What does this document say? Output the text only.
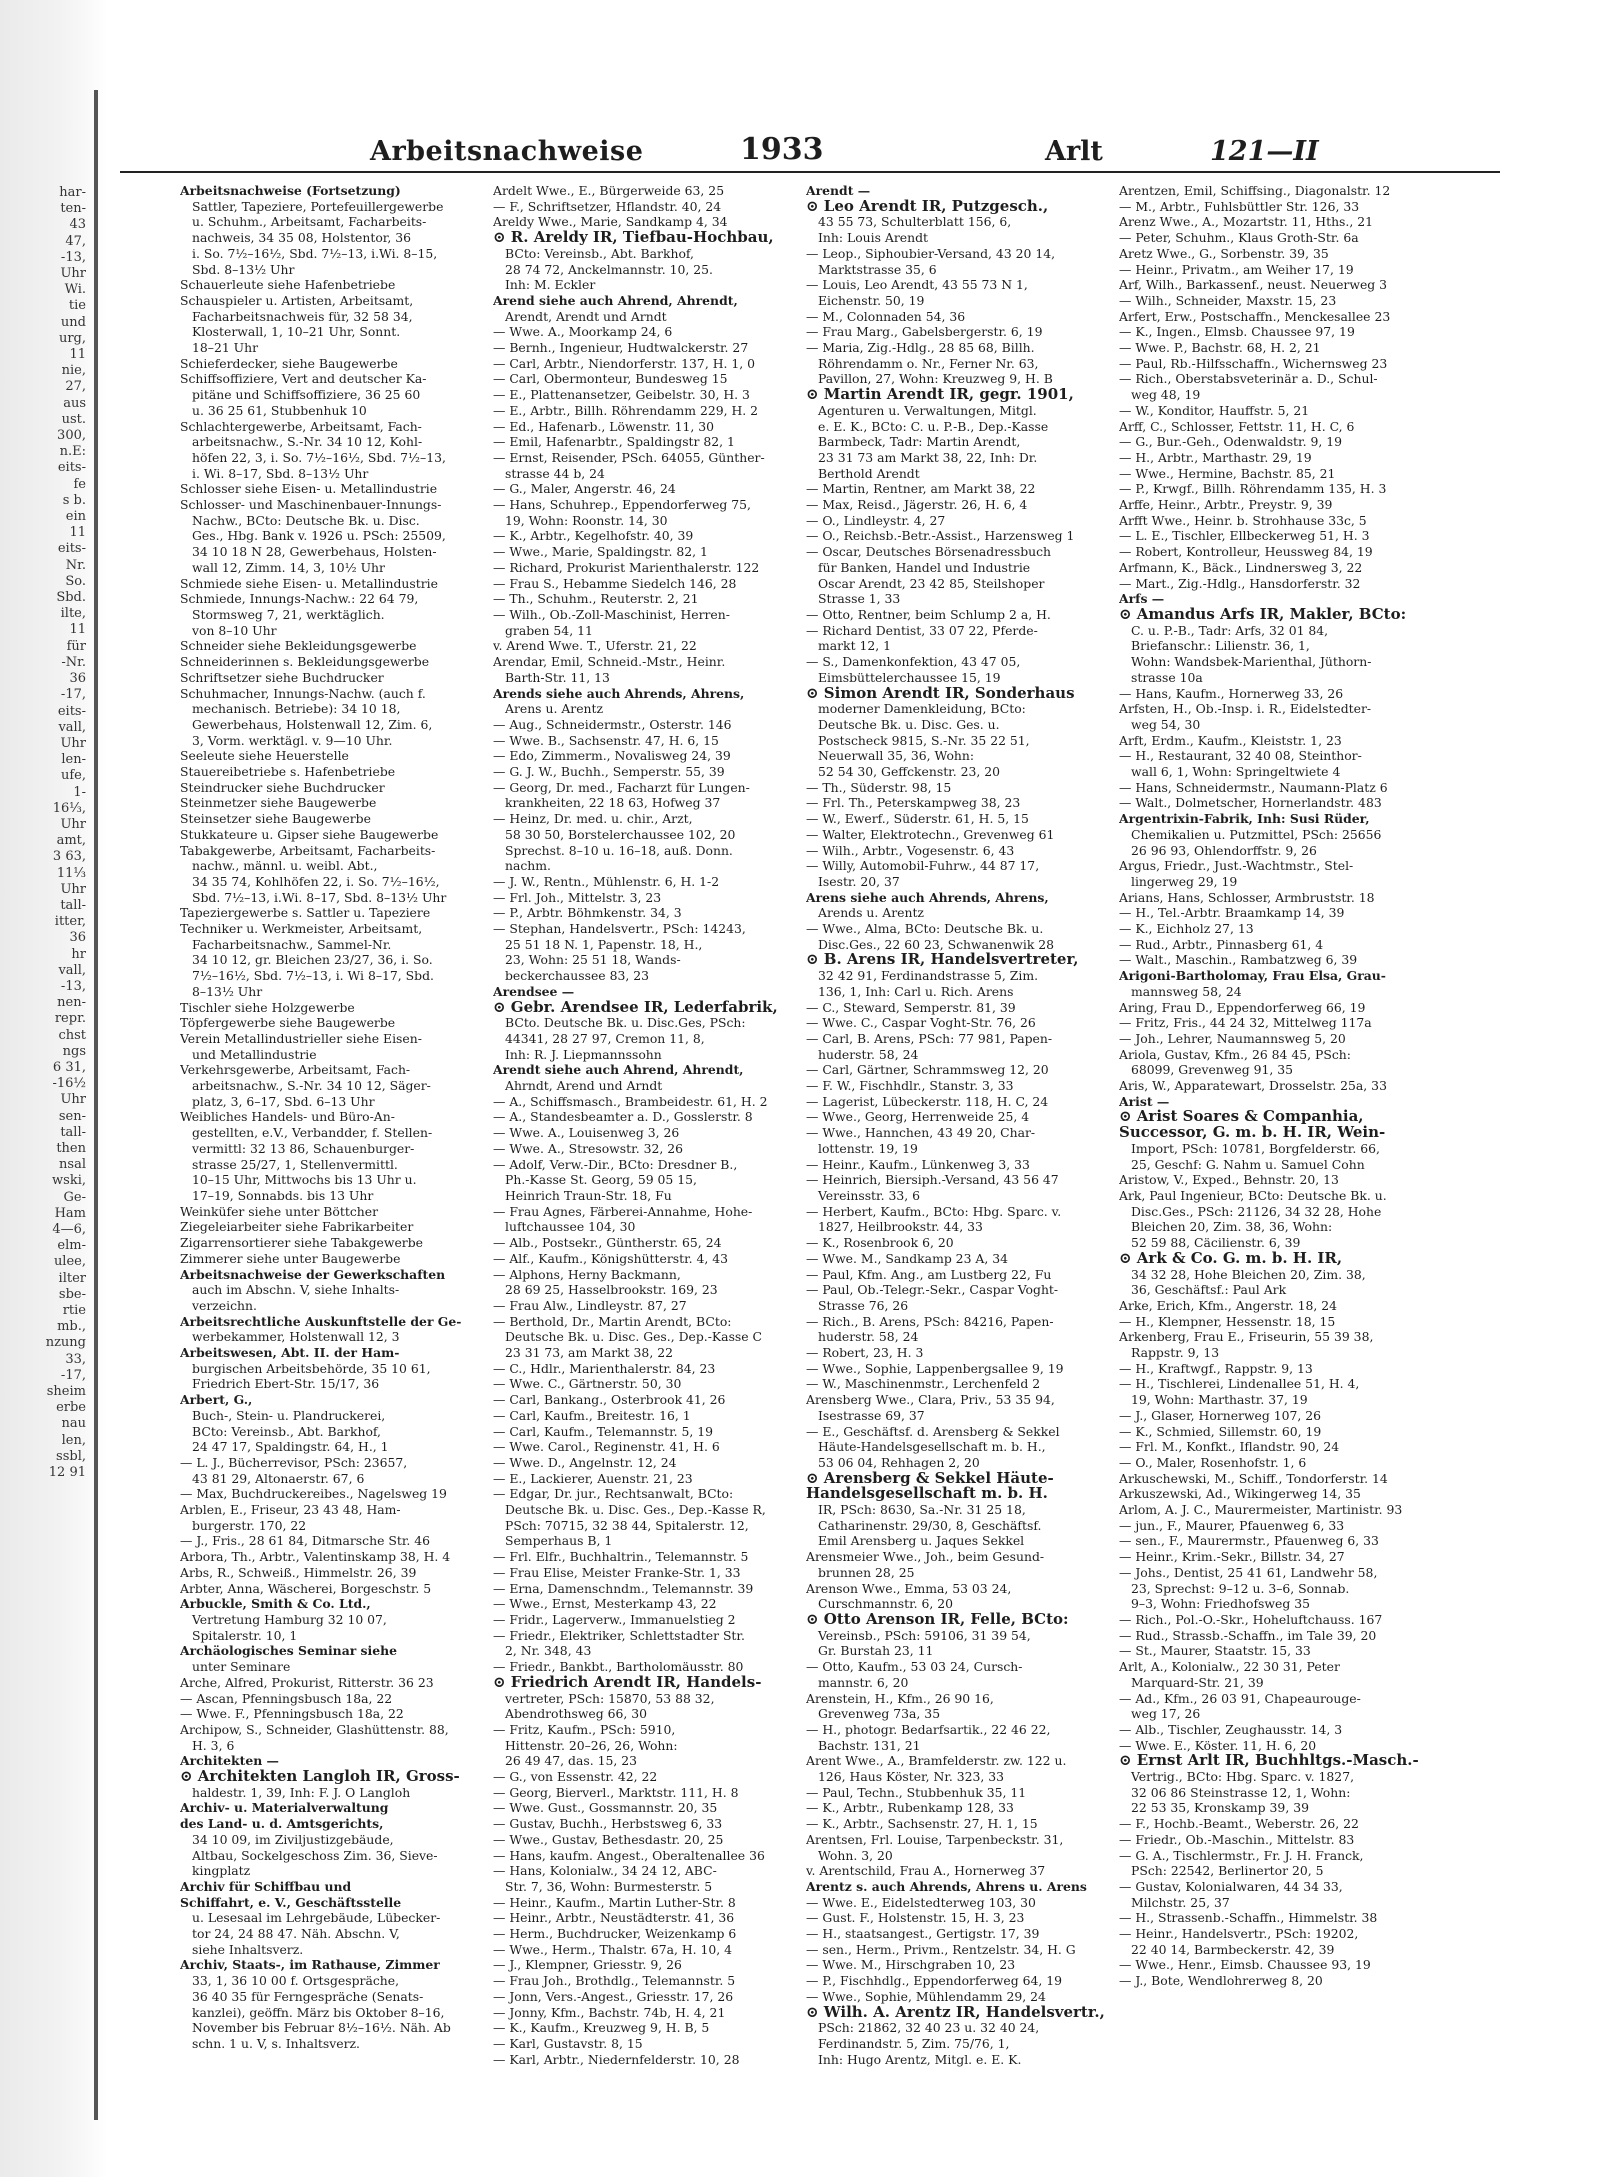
har-
ten-
43
47,
-13,
Uhr
Wi.
tie
und
urg,
11
nie,
27,
aus
ust.
300,
n.E:
eits-
fe
s b.
ein
11
eits-
Nr.
So.
Sbd.
ilte,
11
für
-Nr.
36
-17,
eits-
vall,
Uhr
len-
ufe,
1-
16⅓,
Uhr
amt,
3 63,
11⅓
Uhr
tall-
itter,
36
hr
vall,
-13,
nen-
repr.
chst
ngs
6 31,
-16½
Uhr
sen-
tall-
then
nsal
wski,
Ge-
Ham
4—6,
elm-
ulee,
ilter
sbe-
rtie
mb.,
nzung
33,
-17,
sheim
erbe
nau
len,
ssbl,
12 91
Arbeitsnachweise	1933	Arlt	121—II
Arbeitsnachweise (Fortsetzung)
Sattler, Tapeziere, Portefeuillergewerbe
u. Schuhm., Arbeitsamt, Facharbeits-
nachweis, 34 35 08, Holstentor, 36
i. So. 7½–16½, Sbd. 7½–13, i.Wi. 8–15,
Sbd. 8–13½ Uhr
Schauerleute siehe Hafenbetriebe
Schauspieler u. Artisten, Arbeitsamt,
Facharbeitsnachweis für, 32 58 34,
Klosterwall, 1, 10–21 Uhr, Sonnt.
18–21 Uhr
Schieferdecker, siehe Baugewerbe
Schiffsoffiziere, Vert and deutscher Ka-
pitäne und Schiffsoffiziere, 36 25 60
u. 36 25 61, Stubbenhuk 10
Schlachtergewerbe, Arbeitsamt, Fach-
arbeitsnachw., S.-Nr. 34 10 12, Kohl-
höfen 22, 3, i. So. 7½–16½, Sbd. 7½–13,
i. Wi. 8–17, Sbd. 8–13½ Uhr
Schlosser siehe Eisen- u. Metallindustrie
Schlosser- und Maschinenbauer-Innungs-
Nachw., BCto: Deutsche Bk. u. Disc.
Ges., Hbg. Bank v. 1926 u. PSch: 25509,
34 10 18 N 28, Gewerbehaus, Holsten-
wall 12, Zimm. 14, 3, 10½ Uhr
Schmiede siehe Eisen- u. Metallindustrie
Schmiede, Innungs-Nachw.: 22 64 79,
Stormsweg 7, 21, werktäglich.
von 8–10 Uhr
Schneider siehe Bekleidungsgewerbe
Schneiderinnen s. Bekleidungsgewerbe
Schriftsetzer siehe Buchdrucker
Schuhmacher, Innungs-Nachw. (auch f.
mechanisch. Betriebe): 34 10 18,
Gewerbehaus, Holstenwall 12, Zim. 6,
3, Vorm. werktägl. v. 9—10 Uhr.
Seeleute siehe Heuerstelle
Stauereibetriebe s. Hafenbetriebe
Steindrucker siehe Buchdrucker
Steinmetzer siehe Baugewerbe
Steinsetzer siehe Baugewerbe
Stukkateure u. Gipser siehe Baugewerbe
Tabakgewerbe, Arbeitsamt, Facharbeits-
nachw., männl. u. weibl. Abt.,
34 35 74, Kohlhöfen 22, i. So. 7½–16½,
Sbd. 7½–13, i.Wi. 8–17, Sbd. 8–13½ Uhr
Tapeziergewerbe s. Sattler u. Tapeziere
Techniker u. Werkmeister, Arbeitsamt,
Facharbeitsnachw., Sammel-Nr.
34 10 12, gr. Bleichen 23/27, 36, i. So.
7½–16½, Sbd. 7½–13, i. Wi 8–17, Sbd.
8–13½ Uhr
Tischler siehe Holzgewerbe
Töpfergewerbe siehe Baugewerbe
Verein Metallindustrieller siehe Eisen-
und Metallindustrie
Verkehrsgewerbe, Arbeitsamt, Fach-
arbeitsnachw., S.-Nr. 34 10 12, Säger-
platz, 3, 6–17, Sbd. 6–13 Uhr
Weibliches Handels- und Büro-An-
gestellten, e.V., Verbandder, f. Stellen-
vermittl: 32 13 86, Schauenburger-
strasse 25/27, 1, Stellenvermittl.
10–15 Uhr, Mittwochs bis 13 Uhr u.
17–19, Sonnabds. bis 13 Uhr
Weinküfer siehe unter Böttcher
Ziegeleiarbeiter siehe Fabrikarbeiter
Zigarrensortierer siehe Tabakgewerbe
Zimmerer siehe unter Baugewerbe
Arbeitsnachweise der Gewerkschaften
auch im Abschn. V, siehe Inhalts-
verzeichn.
Arbeitsrechtliche Auskunftstelle der Ge-
werbekammer, Holstenwall 12, 3
Arbeitswesen, Abt. II. der Ham-
burgischen Arbeitsbehörde, 35 10 61,
Friedrich Ebert-Str. 15/17, 36
Arbert, G.,
Buch-, Stein- u. Plandruckerei,
BCto: Vereinsb., Abt. Barkhof,
24 47 17, Spaldingstr. 64, H., 1
— L. J., Bücherrevisor, PSch: 23657,
43 81 29, Altonaerstr. 67, 6
— Max, Buchdruckereibes., Nagelsweg 19
Arblen, E., Friseur, 23 43 48, Ham-
burgerstr. 170, 22
— J., Fris., 28 61 84, Ditmarsche Str. 46
Arbora, Th., Arbtr., Valentinskamp 38, H. 4
Arbs, R., Schweiß., Himmelstr. 26, 39
Arbter, Anna, Wäscherei, Borgeschstr. 5
Arbuckle, Smith & Co. Ltd.,
Vertretung Hamburg 32 10 07,
Spitalerstr. 10, 1
Archäologisches Seminar siehe
unter Seminare
Arche, Alfred, Prokurist, Ritterstr. 36 23
— Ascan, Pfenningsbusch 18a, 22
— Wwe. F., Pfenningsbusch 18a, 22
Archipow, S., Schneider, Glashüttenstr. 88,
H. 3, 6
Architekten —
⊙ Architekten Langloh IR, Gross-
haldestr. 1, 39, Inh: F. J. O Langloh
Archiv- u. Materialverwaltung
des Land- u. d. Amtsgerichts,
34 10 09, im Ziviljustizgebäude,
Altbau, Sockelgeschoss Zim. 36, Sieve-
kingplatz
Archiv für Schiffbau und
Schiffahrt, e. V., Geschäftsstelle
u. Lesesaal im Lehrgebäude, Lübecker-
tor 24, 24 88 47. Näh. Abschn. V,
siehe Inhaltsverz.
Archiv, Staats-, im Rathause, Zimmer
33, 1, 36 10 00 f. Ortsgespräche,
36 40 35 für Ferngespräche (Senats-
kanzlei), geöffn. März bis Oktober 8–16,
November bis Februar 8½–16½. Näh. Ab
schn. 1 u. V, s. Inhaltsverz.
Ardelt Wwe., E., Bürgerweide 63, 25
— F., Schriftsetzer, Hflandstr. 40, 24
Areldy Wwe., Marie, Sandkamp 4, 34
⊙ R. Areldy IR, Tiefbau-Hochbau,
BCto: Vereinsb., Abt. Barkhof,
28 74 72, Anckelmannstr. 10, 25.
Inh: M. Eckler
Arend siehe auch Ahrend, Ahrendt,
Arendt, Arendt und Arndt
— Wwe. A., Moorkamp 24, 6
— Bernh., Ingenieur, Hudtwalckerstr. 27
— Carl, Arbtr., Niendorferstr. 137, H. 1, 0
— Carl, Obermonteur, Bundesweg 15
— E., Plattenansetzer, Geibelstr. 30, H. 3
— E., Arbtr., Billh. Röhrendamm 229, H. 2
— Ed., Hafenarb., Löwenstr. 11, 30
— Emil, Hafenarbtr., Spaldingstr 82, 1
— Ernst, Reisender, PSch. 64055, Günther-
strasse 44 b, 24
— G., Maler, Angerstr. 46, 24
— Hans, Schuhrep., Eppendorferweg 75,
19, Wohn: Roonstr. 14, 30
— K., Arbtr., Kegelhofstr. 40, 39
— Wwe., Marie, Spaldingstr. 82, 1
— Richard, Prokurist Marienthalerstr. 122
— Frau S., Hebamme Siedelch 146, 28
— Th., Schuhm., Reuterstr. 2, 21
— Wilh., Ob.-Zoll-Maschinist, Herren-
graben 54, 11
v. Arend Wwe. T., Uferstr. 21, 22
Arendar, Emil, Schneid.-Mstr., Heinr.
Barth-Str. 11, 13
Arends siehe auch Ahrends, Ahrens,
Arens u. Arentz
— Aug., Schneidermstr., Osterstr. 146
— Wwe. B., Sachsenstr. 47, H. 6, 15
— Edo, Zimmerm., Novalisweg 24, 39
— G. J. W., Buchh., Semperstr. 55, 39
— Georg, Dr. med., Facharzt für Lungen-
krankheiten, 22 18 63, Hofweg 37
— Heinz, Dr. med. u. chir., Arzt,
58 30 50, Borstelerchaussee 102, 20
Sprechst. 8–10 u. 16–18, auß. Donn.
nachm.
— J. W., Rentn., Mühlenstr. 6, H. 1-2
— Frl. Joh., Mittelstr. 3, 23
— P., Arbtr. Böhmkenstr. 34, 3
— Stephan, Handelsvertr., PSch: 14243,
25 51 18 N. 1, Papenstr. 18, H.,
23, Wohn: 25 51 18, Wands-
beckerchaussee 83, 23
Arendsee —
⊙ Gebr. Arendsee IR, Lederfabrik,
BCto. Deutsche Bk. u. Disc.Ges, PSch:
44341, 28 27 97, Cremon 11, 8,
Inh: R. J. Liepmannssohn
Arendt siehe auch Ahrend, Ahrendt,
Ahrndt, Arend und Arndt
— A., Schiffsmasch., Brambeidestr. 61, H. 2
— A., Standesbeamter a. D., Gosslerstr. 8
— Wwe. A., Louisenweg 3, 26
— Wwe. A., Stresowstr. 32, 26
— Adolf, Verw.-Dir., BCto: Dresdner B.,
Ph.-Kasse St. Georg, 59 05 15,
Heinrich Traun-Str. 18, Fu
— Frau Agnes, Färberei-Annahme, Hohe-
luftchaussee 104, 30
— Alb., Postsekr., Güntherstr. 65, 24
— Alf., Kaufm., Königshütterstr. 4, 43
— Alphons, Herny Backmann,
28 69 25, Hasselbrookstr. 169, 23
— Frau Alw., Lindleystr. 87, 27
— Berthold, Dr., Martin Arendt, BCto:
Deutsche Bk. u. Disc. Ges., Dep.-Kasse C
23 31 73, am Markt 38, 22
— C., Hdlr., Marienthalerstr. 84, 23
— Wwe. C., Gärtnerstr. 50, 30
— Carl, Bankang., Osterbrook 41, 26
— Carl, Kaufm., Breitestr. 16, 1
— Carl, Kaufm., Telemannstr. 5, 19
— Wwe. Carol., Reginenstr. 41, H. 6
— Wwe. D., Angelnstr. 12, 24
— E., Lackierer, Auenstr. 21, 23
— Edgar, Dr. jur., Rechtsanwalt, BCto:
Deutsche Bk. u. Disc. Ges., Dep.-Kasse R,
PSch: 70715, 32 38 44, Spitalerstr. 12,
Semperhaus B, 1
— Frl. Elfr., Buchhaltrin., Telemannstr. 5
— Frau Elise, Meister Franke-Str. 1, 33
— Erna, Damenschndm., Telemannstr. 39
— Wwe., Ernst, Mesterkamp 43, 22
— Fridr., Lagerverw., Immanuelstieg 2
— Friedr., Elektriker, Schlettstadter Str.
2, Nr. 348, 43
— Friedr., Bankbt., Bartholomäusstr. 80
⊙ Friedrich Arendt IR, Handels-
vertreter, PSch: 15870, 53 88 32,
Abendrothsweg 66, 30
— Fritz, Kaufm., PSch: 5910,
Hittenstr. 20–26, 26, Wohn:
26 49 47, das. 15, 23
— G., von Essenstr. 42, 22
— Georg, Bierverl., Marktstr. 111, H. 8
— Wwe. Gust., Gossmannstr. 20, 35
— Gustav, Buchh., Herbstsweg 6, 33
— Wwe., Gustav, Bethesdastr. 20, 25
— Hans, kaufm. Angest., Oberaltenallee 36
— Hans, Kolonialw., 34 24 12, ABC-
Str. 7, 36, Wohn: Burmesterstr. 5
— Heinr., Kaufm., Martin Luther-Str. 8
— Heinr., Arbtr., Neustädterstr. 41, 36
— Herm., Buchdrucker, Weizenkamp 6
— Wwe., Herm., Thalstr. 67a, H. 10, 4
— J., Klempner, Griesstr. 9, 26
— Frau Joh., Brothdlg., Telemannstr. 5
— Jonn, Vers.-Angest., Griesstr. 17, 26
— Jonny, Kfm., Bachstr. 74b, H. 4, 21
— K., Kaufm., Kreuzweg 9, H. B, 5
— Karl, Gustavstr. 8, 15
— Karl, Arbtr., Niedernfelderstr. 10, 28
Arendt —
⊙ Leo Arendt IR, Putzgesch.,
43 55 73, Schulterblatt 156, 6,
Inh: Louis Arendt
— Leop., Siphoubier-Versand, 43 20 14,
Marktstrasse 35, 6
— Louis, Leo Arendt, 43 55 73 N 1,
Eichenstr. 50, 19
— M., Colonnaden 54, 36
— Frau Marg., Gabelsbergerstr. 6, 19
— Maria, Zig.-Hdlg., 28 85 68, Billh.
Röhrendamm o. Nr., Ferner Nr. 63,
Pavillon, 27, Wohn: Kreuzweg 9, H. B
⊙ Martin Arendt IR, gegr. 1901,
Agenturen u. Verwaltungen, Mitgl.
e. E. K., BCto: C. u. P.-B., Dep.-Kasse
Barmbeck, Tadr: Martin Arendt,
23 31 73 am Markt 38, 22, Inh: Dr.
Berthold Arendt
— Martin, Rentner, am Markt 38, 22
— Max, Reisd., Jägerstr. 26, H. 6, 4
— O., Lindleystr. 4, 27
— O., Reichsb.-Betr.-Assist., Harzensweg 1
— Oscar, Deutsches Börsenadressbuch
für Banken, Handel und Industrie
Oscar Arendt, 23 42 85, Steilshoper
Strasse 1, 33
— Otto, Rentner, beim Schlump 2 a, H.
— Richard Dentist, 33 07 22, Pferde-
markt 12, 1
— S., Damenkonfektion, 43 47 05,
Eimsbüttelerchaussee 15, 19
⊙ Simon Arendt IR, Sonderhaus
moderner Damenkleidung, BCto:
Deutsche Bk. u. Disc. Ges. u.
Postscheck 9815, S.-Nr. 35 22 51,
Neuerwall 35, 36, Wohn:
52 54 30, Geffckenstr. 23, 20
— Th., Süderstr. 98, 15
— Frl. Th., Peterskampweg 38, 23
— W., Ewerf., Süderstr. 61, H. 5, 15
— Walter, Elektrotechn., Grevenweg 61
— Wilh., Arbtr., Vogesenstr. 6, 43
— Willy, Automobil-Fuhrw., 44 87 17,
Isestr. 20, 37
Arens siehe auch Ahrends, Ahrens,
Arends u. Arentz
— Wwe., Alma, BCto: Deutsche Bk. u.
Disc.Ges., 22 60 23, Schwanenwik 28
⊙ B. Arens IR, Handelsvertreter,
32 42 91, Ferdinandstrasse 5, Zim.
136, 1, Inh: Carl u. Rich. Arens
— C., Steward, Semperstr. 81, 39
— Wwe. C., Caspar Voght-Str. 76, 26
— Carl, B. Arens, PSch: 77 981, Papen-
huderstr. 58, 24
— Carl, Gärtner, Schrammsweg 12, 20
— F. W., Fischhdlr., Stanstr. 3, 33
— Lagerist, Lübeckerstr. 118, H. C, 24
— Wwe., Georg, Herrenweide 25, 4
— Wwe., Hannchen, 43 49 20, Char-
lottenstr. 19, 19
— Heinr., Kaufm., Lünkenweg 3, 33
— Heinrich, Biersiph.-Versand, 43 56 47
Vereinsstr. 33, 6
— Herbert, Kaufm., BCto: Hbg. Sparc. v.
1827, Heilbrookstr. 44, 33
— K., Rosenbrook 6, 20
— Wwe. M., Sandkamp 23 A, 34
— Paul, Kfm. Ang., am Lustberg 22, Fu
— Paul, Ob.-Telegr.-Sekr., Caspar Voght-
Strasse 76, 26
— Rich., B. Arens, PSch: 84216, Papen-
huderstr. 58, 24
— Robert, 23, H. 3
— Wwe., Sophie, Lappenbergsallee 9, 19
— W., Maschinenmstr., Lerchenfeld 2
Arensberg Wwe., Clara, Priv., 53 35 94,
Isestrasse 69, 37
— E., Geschäftsf. d. Arensberg & Sekkel
Häute-Handelsgesellschaft m. b. H.,
53 06 04, Rehhagen 2, 20
⊙ Arensberg & Sekkel Häute-
Handelsgesellschaft m. b. H.
IR, PSch: 8630, Sa.-Nr. 31 25 18,
Catharinenstr. 29/30, 8, Geschäftsf.
Emil Arensberg u. Jaques Sekkel
Arensmeier Wwe., Joh., beim Gesund-
brunnen 28, 25
Arenson Wwe., Emma, 53 03 24,
Curschmannstr. 6, 20
⊙ Otto Arenson IR, Felle, BCto:
Vereinsb., PSch: 59106, 31 39 54,
Gr. Burstah 23, 11
— Otto, Kaufm., 53 03 24, Cursch-
mannstr. 6, 20
Arenstein, H., Kfm., 26 90 16,
Grevenweg 73a, 35
— H., photogr. Bedarfsartik., 22 46 22,
Bachstr. 131, 21
Arent Wwe., A., Bramfelderstr. zw. 122 u.
126, Haus Köster, Nr. 323, 33
— Paul, Techn., Stubbenhuk 35, 11
— K., Arbtr., Rubenkamp 128, 33
— K., Arbtr., Sachsenstr. 27, H. 1, 15
Arentsen, Frl. Louise, Tarpenbeckstr. 31,
Wohn. 3, 20
v. Arentschild, Frau A., Hornerweg 37
Arentz s. auch Ahrends, Ahrens u. Arens
— Wwe. E., Eidelstedterweg 103, 30
— Gust. F., Holstenstr. 15, H. 3, 23
— H., staatsangest., Gertigstr. 17, 39
— sen., Herm., Privm., Rentzelstr. 34, H. G
— Wwe. M., Hirschgraben 10, 23
— P., Fischhdlg., Eppendorferweg 64, 19
— Wwe., Sophie, Mühlendamm 29, 24
⊙ Wilh. A. Arentz IR, Handelsvertr.,
PSch: 21862, 32 40 23 u. 32 40 24,
Ferdinandstr. 5, Zim. 75/76, 1,
Inh: Hugo Arentz, Mitgl. e. E. K.
Arentzen, Emil, Schiffsing., Diagonalstr. 12
— M., Arbtr., Fuhlsbüttler Str. 126, 33
Arenz Wwe., A., Mozartstr. 11, Hths., 21
— Peter, Schuhm., Klaus Groth-Str. 6a
Aretz Wwe., G., Sorbenstr. 39, 35
— Heinr., Privatm., am Weiher 17, 19
Arf, Wilh., Barkassenf., neust. Neuerweg 3
— Wilh., Schneider, Maxstr. 15, 23
Arfert, Erw., Postschaffn., Menckesallee 23
— K., Ingen., Elmsb. Chaussee 97, 19
— Wwe. P., Bachstr. 68, H. 2, 21
— Paul, Rb.-Hilfsschaffn., Wichernsweg 23
— Rich., Oberstabsveterinär a. D., Schul-
weg 48, 19
— W., Konditor, Hauffstr. 5, 21
Arff, C., Schlosser, Fettstr. 11, H. C, 6
— G., Bur.-Geh., Odenwaldstr. 9, 19
— H., Arbtr., Marthastr. 29, 19
— Wwe., Hermine, Bachstr. 85, 21
— P., Krwgf., Billh. Röhrendamm 135, H. 3
Arffe, Heinr., Arbtr., Preystr. 9, 39
Arfft Wwe., Heinr. b. Strohhause 33c, 5
— L. E., Tischler, Ellbeckerweg 51, H. 3
— Robert, Kontrolleur, Heussweg 84, 19
Arfmann, K., Bäck., Lindnersweg 3, 22
— Mart., Zig.-Hdlg., Hansdorferstr. 32
Arfs —
⊙ Amandus Arfs IR, Makler, BCto:
C. u. P.-B., Tadr: Arfs, 32 01 84,
Briefanschr.: Lilienstr. 36, 1,
Wohn: Wandsbek-Marienthal, Jüthorn-
strasse 10a
— Hans, Kaufm., Hornerweg 33, 26
Arfsten, H., Ob.-Insp. i. R., Eidelstedter-
weg 54, 30
Arft, Erdm., Kaufm., Kleiststr. 1, 23
— H., Restaurant, 32 40 08, Steinthor-
wall 6, 1, Wohn: Springeltwiete 4
— Hans, Schneidermstr., Naumann-Platz 6
— Walt., Dolmetscher, Hornerlandstr. 483
Argentrixin-Fabrik, Inh: Susi Rüder,
Chemikalien u. Putzmittel, PSch: 25656
26 96 93, Ohlendorffstr. 9, 26
Argus, Friedr., Just.-Wachtmstr., Stel-
lingerweg 29, 19
Arians, Hans, Schlosser, Armbruststr. 18
— H., Tel.-Arbtr. Braamkamp 14, 39
— K., Eichholz 27, 13
— Rud., Arbtr., Pinnasberg 61, 4
— Walt., Maschin., Rambatzweg 6, 39
Arigoni-Bartholomay, Frau Elsa, Grau-
mannsweg 58, 24
Aring, Frau D., Eppendorferweg 66, 19
— Fritz, Fris., 44 24 32, Mittelweg 117a
— Joh., Lehrer, Naumannsweg 5, 20
Ariola, Gustav, Kfm., 26 84 45, PSch:
68099, Grevenweg 91, 35
Aris, W., Apparatewart, Drosselstr. 25a, 33
Arist —
⊙ Arist Soares & Companhia,
Successor, G. m. b. H. IR, Wein-
Import, PSch: 10781, Borgfelderstr. 66,
25, Geschf: G. Nahm u. Samuel Cohn
Aristow, V., Exped., Behnstr. 20, 13
Ark, Paul Ingenieur, BCto: Deutsche Bk. u.
Disc.Ges., PSch: 21126, 34 32 28, Hohe
Bleichen 20, Zim. 38, 36, Wohn:
52 59 88, Cäcilienstr. 6, 39
⊙ Ark & Co. G. m. b. H. IR,
34 32 28, Hohe Bleichen 20, Zim. 38,
36, Geschäftsf.: Paul Ark
Arke, Erich, Kfm., Angerstr. 18, 24
— H., Klempner, Hessenstr. 18, 15
Arkenberg, Frau E., Friseurin, 55 39 38,
Rappstr. 9, 13
— H., Kraftwgf., Rappstr. 9, 13
— H., Tischlerei, Lindenallee 51, H. 4,
19, Wohn: Marthastr. 37, 19
— J., Glaser, Hornerweg 107, 26
— K., Schmied, Sillemstr. 60, 19
— Frl. M., Konfkt., Iflandstr. 90, 24
— O., Maler, Rosenhofstr. 1, 6
Arkuschewski, M., Schiff., Tondorferstr. 14
Arkuszewski, Ad., Wikingerweg 14, 35
Arlom, A. J. C., Maurermeister, Martinistr. 93
— jun., F., Maurer, Pfauenweg 6, 33
— sen., F., Maurermstr., Pfauenweg 6, 33
— Heinr., Krim.-Sekr., Billstr. 34, 27
— Johs., Dentist, 25 41 61, Landwehr 58,
23, Sprechst: 9–12 u. 3–6, Sonnab.
9–3, Wohn: Friedhofsweg 35
— Rich., Pol.-O.-Skr., Hoheluftchauss. 167
— Rud., Strassb.-Schaffn., im Tale 39, 20
— St., Maurer, Staatstr. 15, 33
Arlt, A., Kolonialw., 22 30 31, Peter
Marquard-Str. 21, 39
— Ad., Kfm., 26 03 91, Chapeaurouge-
weg 17, 26
— Alb., Tischler, Zeughausstr. 14, 3
— Wwe. E., Köster. 11, H. 6, 20
⊙ Ernst Arlt IR, Buchhltgs.-Masch.-
Vertrig., BCto: Hbg. Sparc. v. 1827,
32 06 86 Steinstrasse 12, 1, Wohn:
22 53 35, Kronskamp 39, 39
— F., Hochb.-Beamt., Weberstr. 26, 22
— Friedr., Ob.-Maschin., Mittelstr. 83
— G. A., Tischlermstr., Fr. J. H. Franck,
PSch: 22542, Berlinertor 20, 5
— Gustav, Kolonialwaren, 44 34 33,
Milchstr. 25, 37
— H., Strassenb.-Schaffn., Himmelstr. 38
— Heinr., Handelsvertr., PSch: 19202,
22 40 14, Barmbeckerstr. 42, 39
— Wwe., Henr., Eimsb. Chaussee 93, 19
— J., Bote, Wendlohrerweg 8, 20
